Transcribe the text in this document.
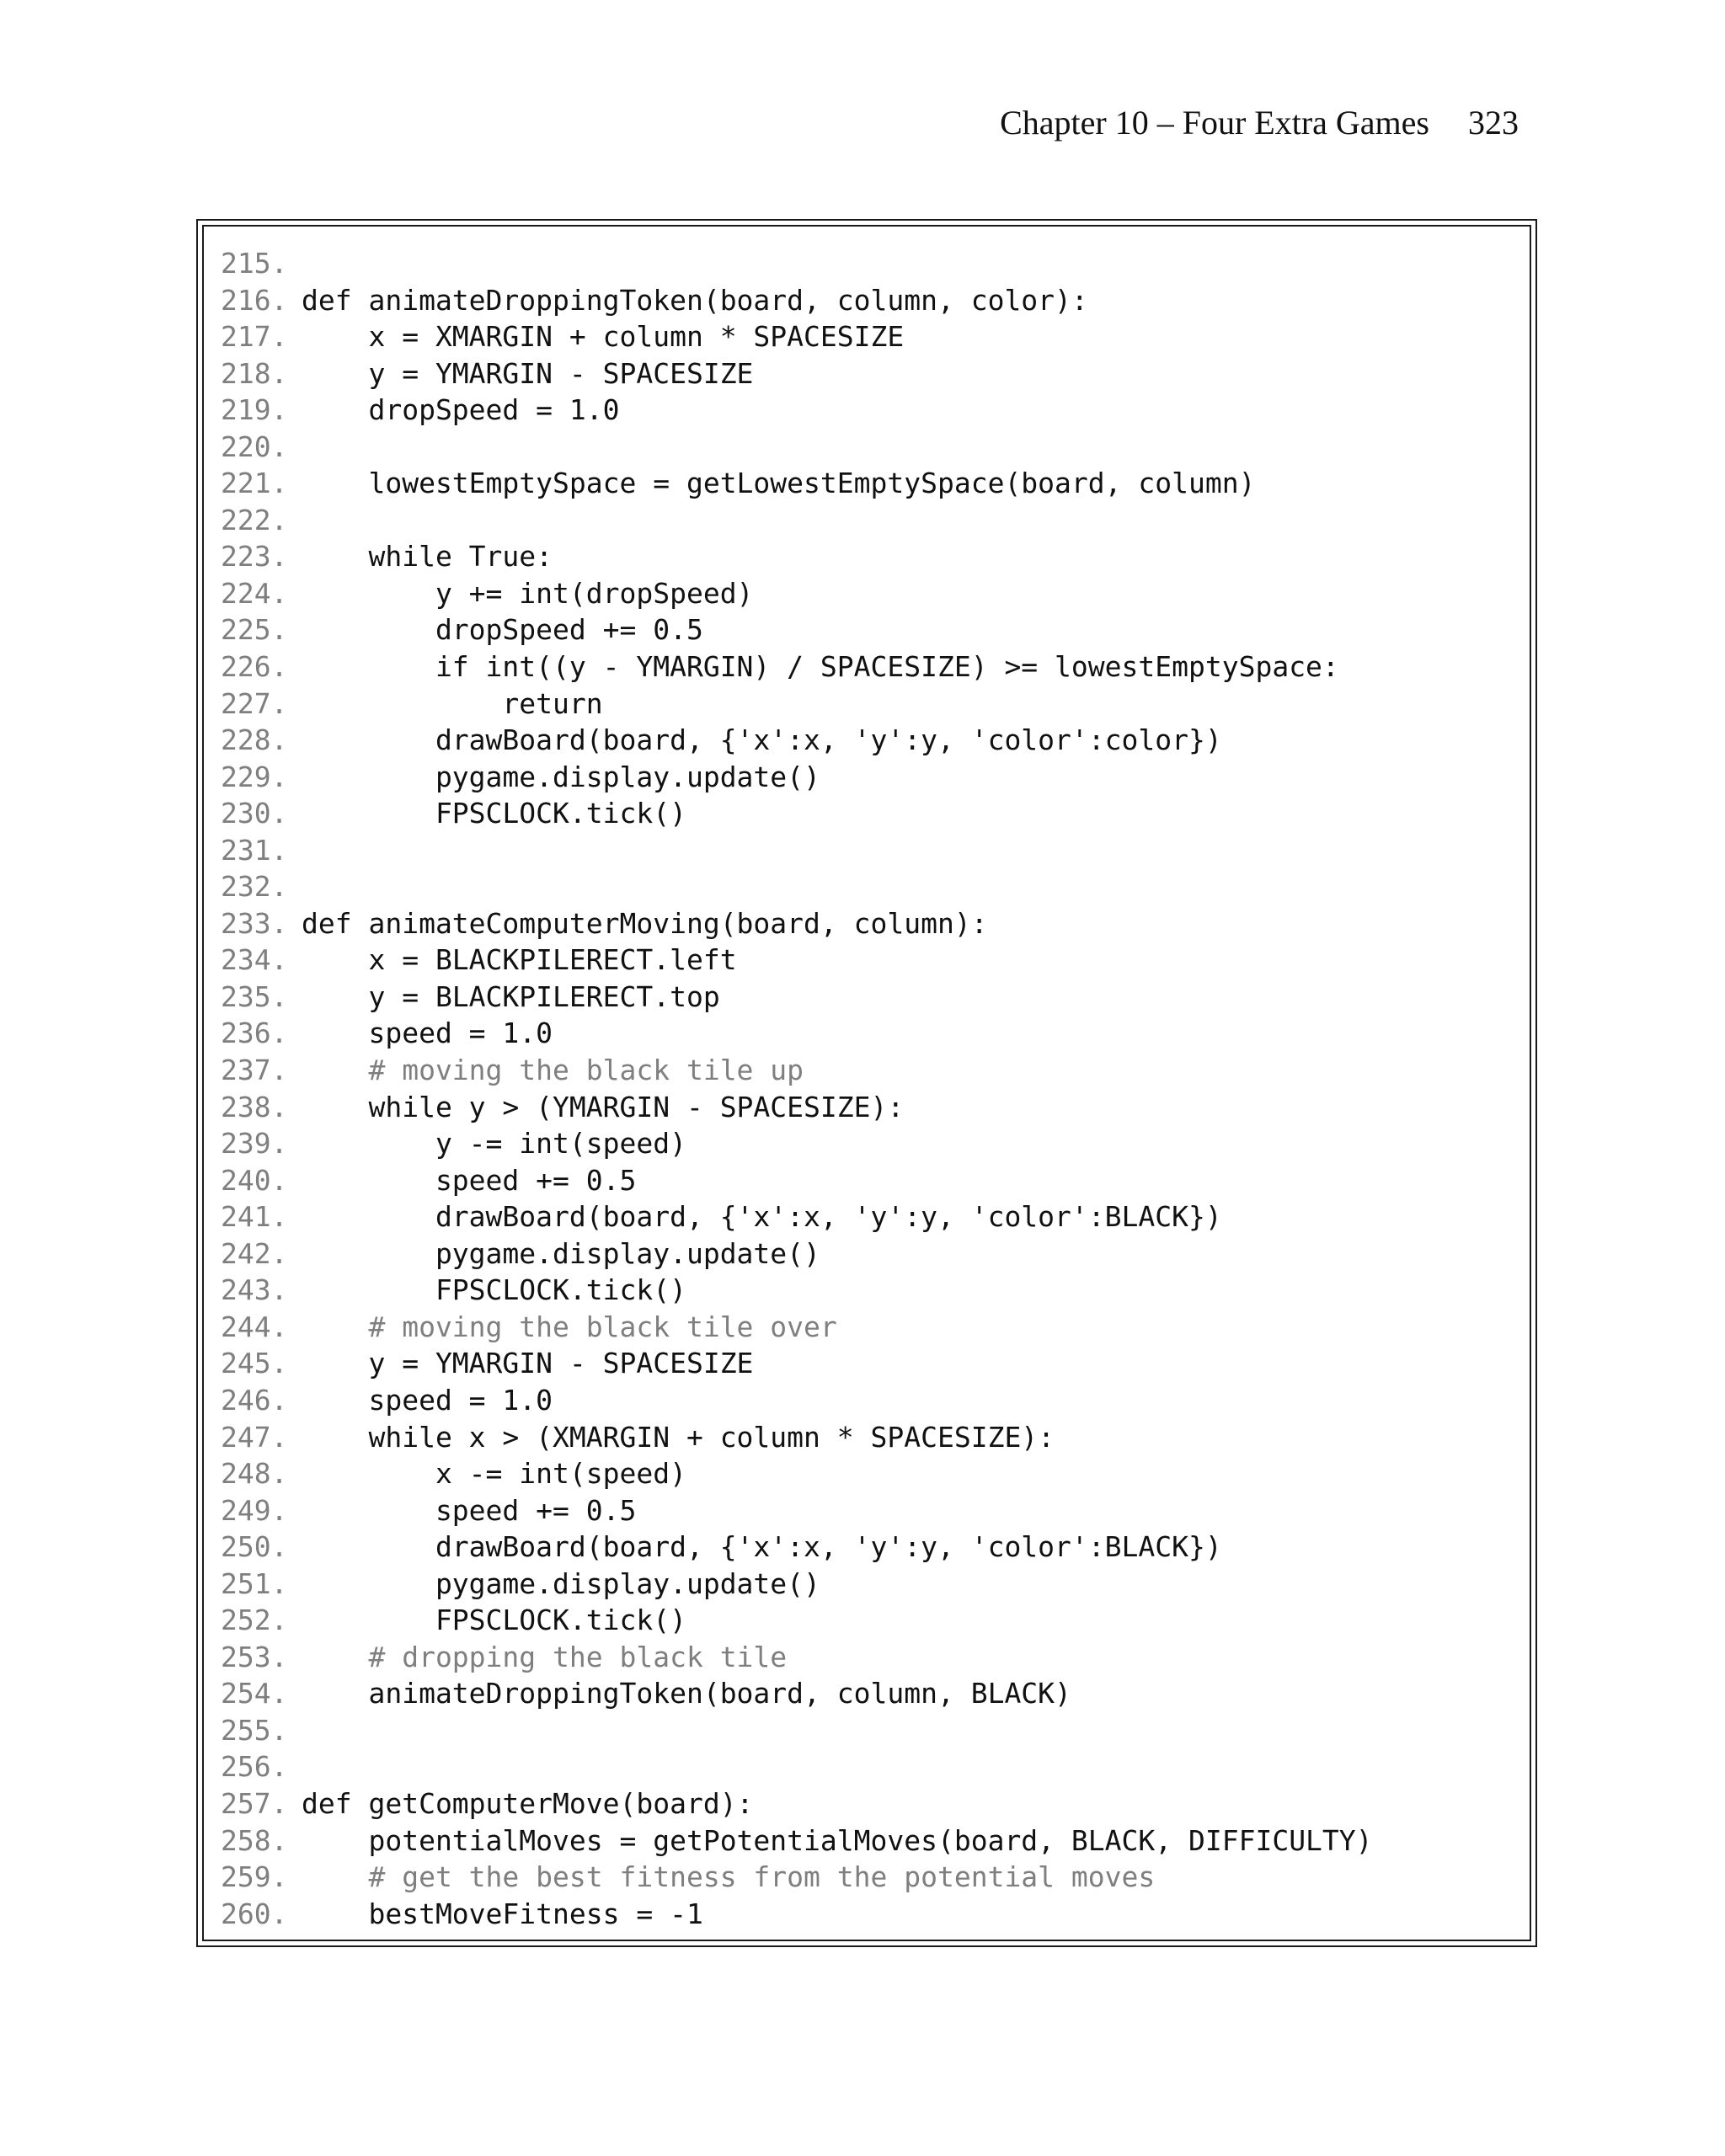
Chapter 10 – Four Extra Games 323
215.
216. def animateDroppingToken(board, column, color):
217.    x = XMARGIN + column * SPACESIZE
218.    y = YMARGIN - SPACESIZE
219.    dropSpeed = 1.0
220.
221.    lowestEmptySpace = getLowestEmptySpace(board, column)
222.
223.    while True:
224.        y += int(dropSpeed)
225.        dropSpeed += 0.5
226.        if int((y - YMARGIN) / SPACESIZE) >= lowestEmptySpace:
227.            return
228.        drawBoard(board, {'x':x, 'y':y, 'color':color})
229.        pygame.display.update()
230.        FPSCLOCK.tick()
231.
232.
233. def animateComputerMoving(board, column):
234.    x = BLACKPILERECT.left
235.    y = BLACKPILERECT.top
236.    speed = 1.0
237.    # moving the black tile up
238.    while y > (YMARGIN - SPACESIZE):
239.        y -= int(speed)
240.        speed += 0.5
241.        drawBoard(board, {'x':x, 'y':y, 'color':BLACK})
242.        pygame.display.update()
243.        FPSCLOCK.tick()
244.    # moving the black tile over
245.    y = YMARGIN - SPACESIZE
246.    speed = 1.0
247.    while x > (XMARGIN + column * SPACESIZE):
248.        x -= int(speed)
249.        speed += 0.5
250.        drawBoard(board, {'x':x, 'y':y, 'color':BLACK})
251.        pygame.display.update()
252.        FPSCLOCK.tick()
253.    # dropping the black tile
254.    animateDroppingToken(board, column, BLACK)
255.
256.
257. def getComputerMove(board):
258.    potentialMoves = getPotentialMoves(board, BLACK, DIFFICULTY)
259.    # get the best fitness from the potential moves
260.    bestMoveFitness = -1
